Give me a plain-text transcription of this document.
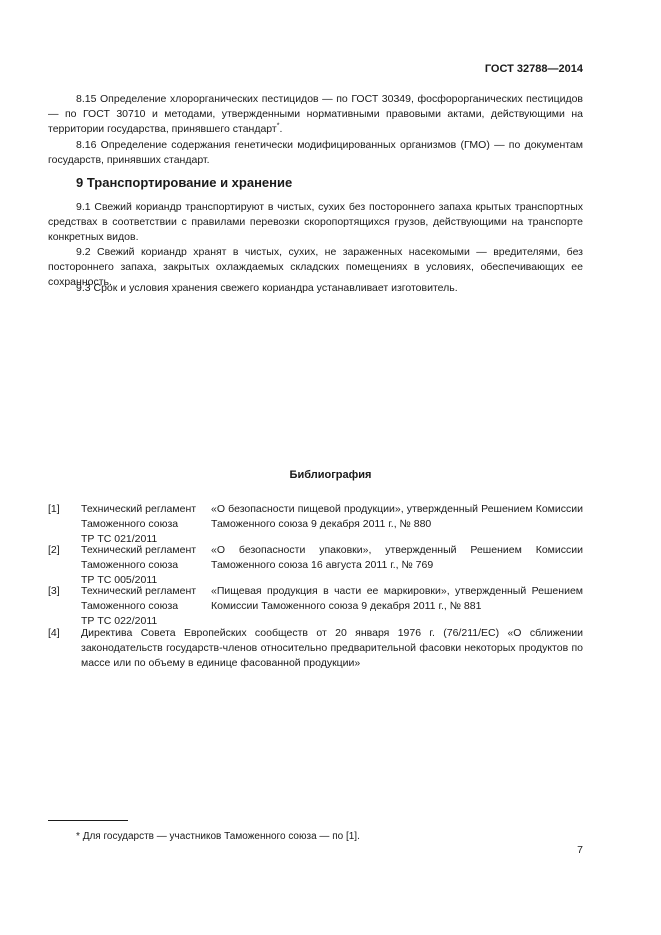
ГОСТ 32788—2014
8.15 Определение хлорорганических пестицидов — по ГОСТ 30349, фосфорорганических пестицидов — по ГОСТ 30710 и методами, утвержденными нормативными правовыми актами, действующими на территории государства, принявшего стандарт*.
8.16 Определение содержания генетически модифицированных организмов (ГМО) — по документам государств, принявших стандарт.
9 Транспортирование и хранение
9.1 Свежий кориандр транспортируют в чистых, сухих без постороннего запаха крытых транспортных средствах в соответствии с правилами перевозки скоропортящихся грузов, действующими на транспорте конкретных видов.
9.2 Свежий кориандр хранят в чистых, сухих, не зараженных насекомыми — вредителями, без постороннего запаха, закрытых охлаждаемых складских помещениях в условиях, обеспечивающих ее сохранность.
9.3 Срок и условия хранения свежего кориандра устанавливает изготовитель.
Библиография
[1] Технический регламент
Таможенного союза
ТР ТС 021/2011
«О безопасности пищевой продукции», утвержденный Решением Комиссии Таможенного союза 9 декабря 2011 г., № 880
[2] Технический регламент
Таможенного союза
ТР ТС 005/2011
«О безопасности упаковки», утвержденный Решением Комиссии Таможенного союза 16 августа 2011 г., № 769
[3] Технический регламент
Таможенного союза
ТР ТС 022/2011
«Пищевая продукция в части ее маркировки», утвержденный Решением Комиссии Таможенного союза 9 декабря 2011 г., № 881
[4] Директива Совета Европейских сообществ от 20 января 1976 г. (76/211/ЕС) «О сближении законодательств государств-членов относительно предварительной фасовки некоторых продуктов по массе или по объему в единице фасованной продукции»
* Для государств — участников Таможенного союза — по [1].
7
